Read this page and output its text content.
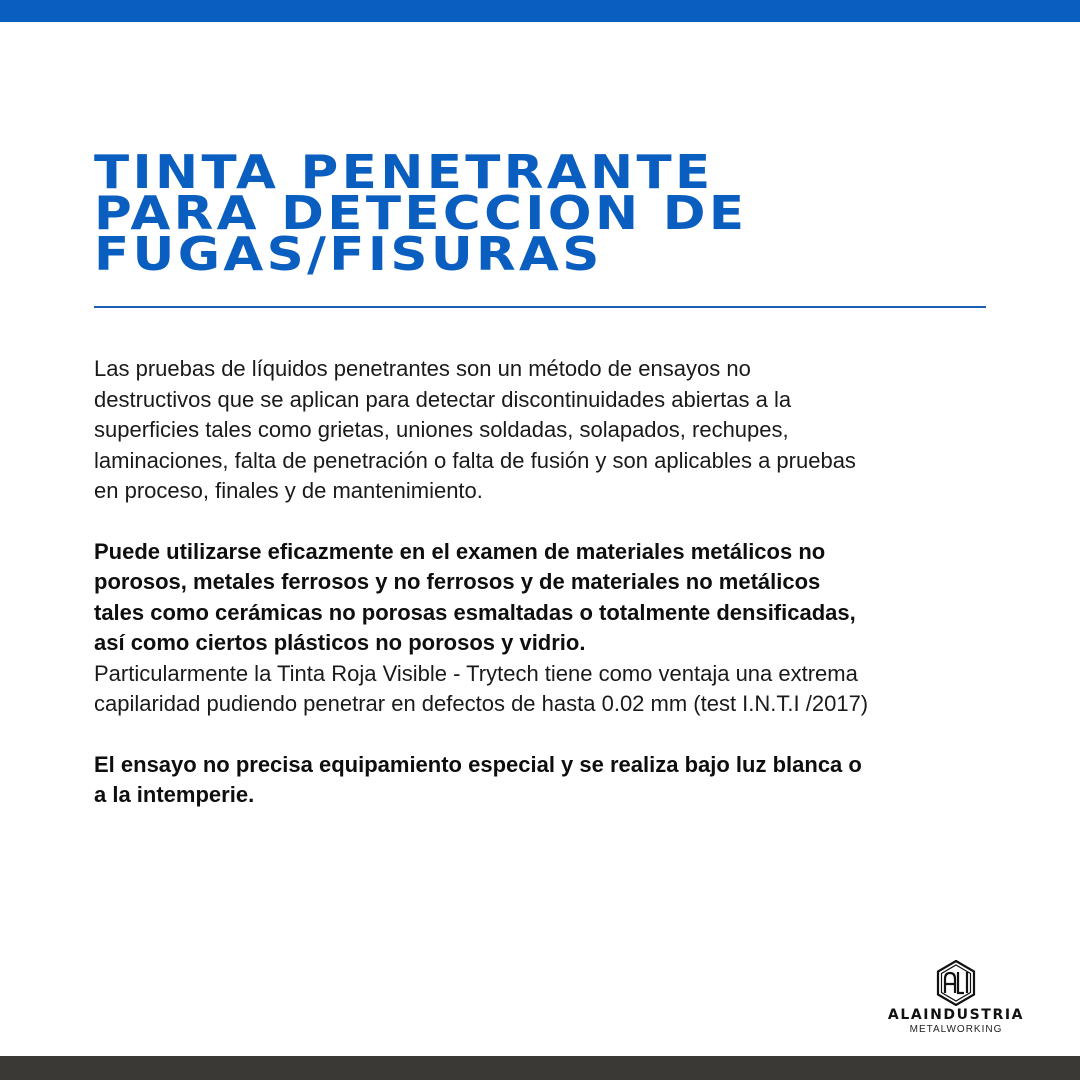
TINTA PENETRANTE
PARA DETECCION DE
FUGAS/FISURAS

Las pruebas de líquidos penetrantes son un método de ensayos no
destructivos que se aplican para detectar discontinuidades abiertas a la
superficies tales como grietas, uniones soldadas, solapados, rechupes,
laminaciones, falta de penetración o falta de fusión y son aplicables a pruebas
en proceso, finales y de mantenimiento.

Puede utilizarse eficazmente en el examen de materiales metálicos no
porosos, metales ferrosos y no ferrosos y de materiales no metálicos
tales como cerámicas no porosas esmaltadas o totalmente densificadas,
así como ciertos plásticos no porosos y vidrio.

Particularmente la Tinta Roja Visible - Trytech tiene como ventaja una extrema
capilaridad pudiendo penetrar en defectos de hasta 0.02 mm (test I.N.T.I /2017)

El ensayo no precisa equipamiento especial y se realiza bajo luz blanca o
a la intemperie.

ALAINDUSTRIA
METALWORKING
